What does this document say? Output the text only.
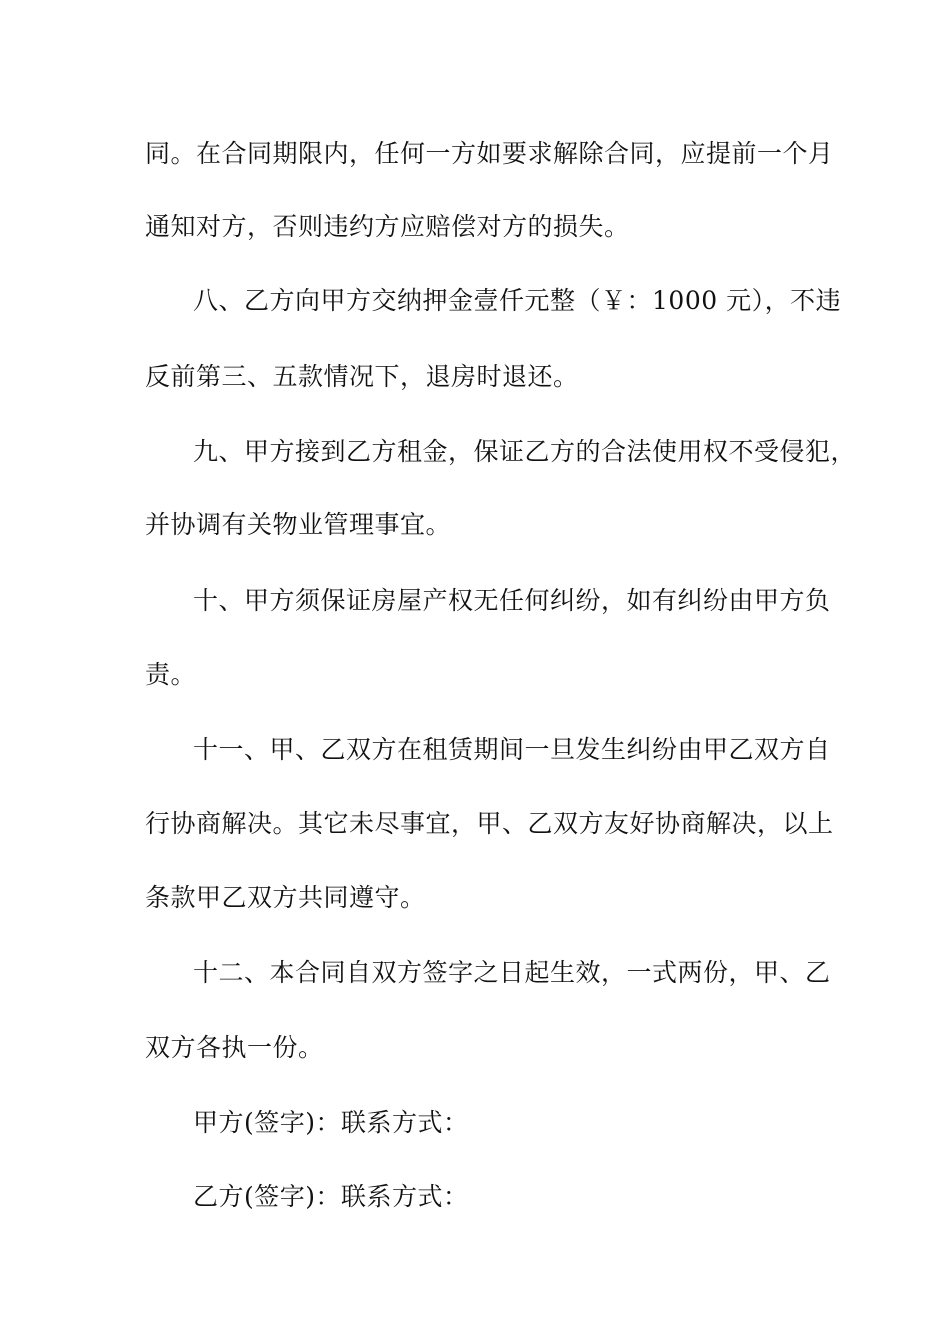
同。在合同期限内，任何一方如要求解除合同，应提前一个月
通知对方，否则违约方应赔偿对方的损失。
八、乙方向甲方交纳押金壹仟元整（￥：1000 元），不违
反前第三、五款情况下，退房时退还。
九、甲方接到乙方租金，保证乙方的合法使用权不受侵犯，
并协调有关物业管理事宜。
十、甲方须保证房屋产权无任何纠纷，如有纠纷由甲方负
责。
十一、甲、乙双方在租赁期间一旦发生纠纷由甲乙双方自
行协商解决。其它未尽事宜，甲、乙双方友好协商解决，以上
条款甲乙双方共同遵守。
十二、本合同自双方签字之日起生效，一式两份，甲、乙
双方各执一份。
甲方(签字)：联系方式：
乙方(签字)：联系方式：
